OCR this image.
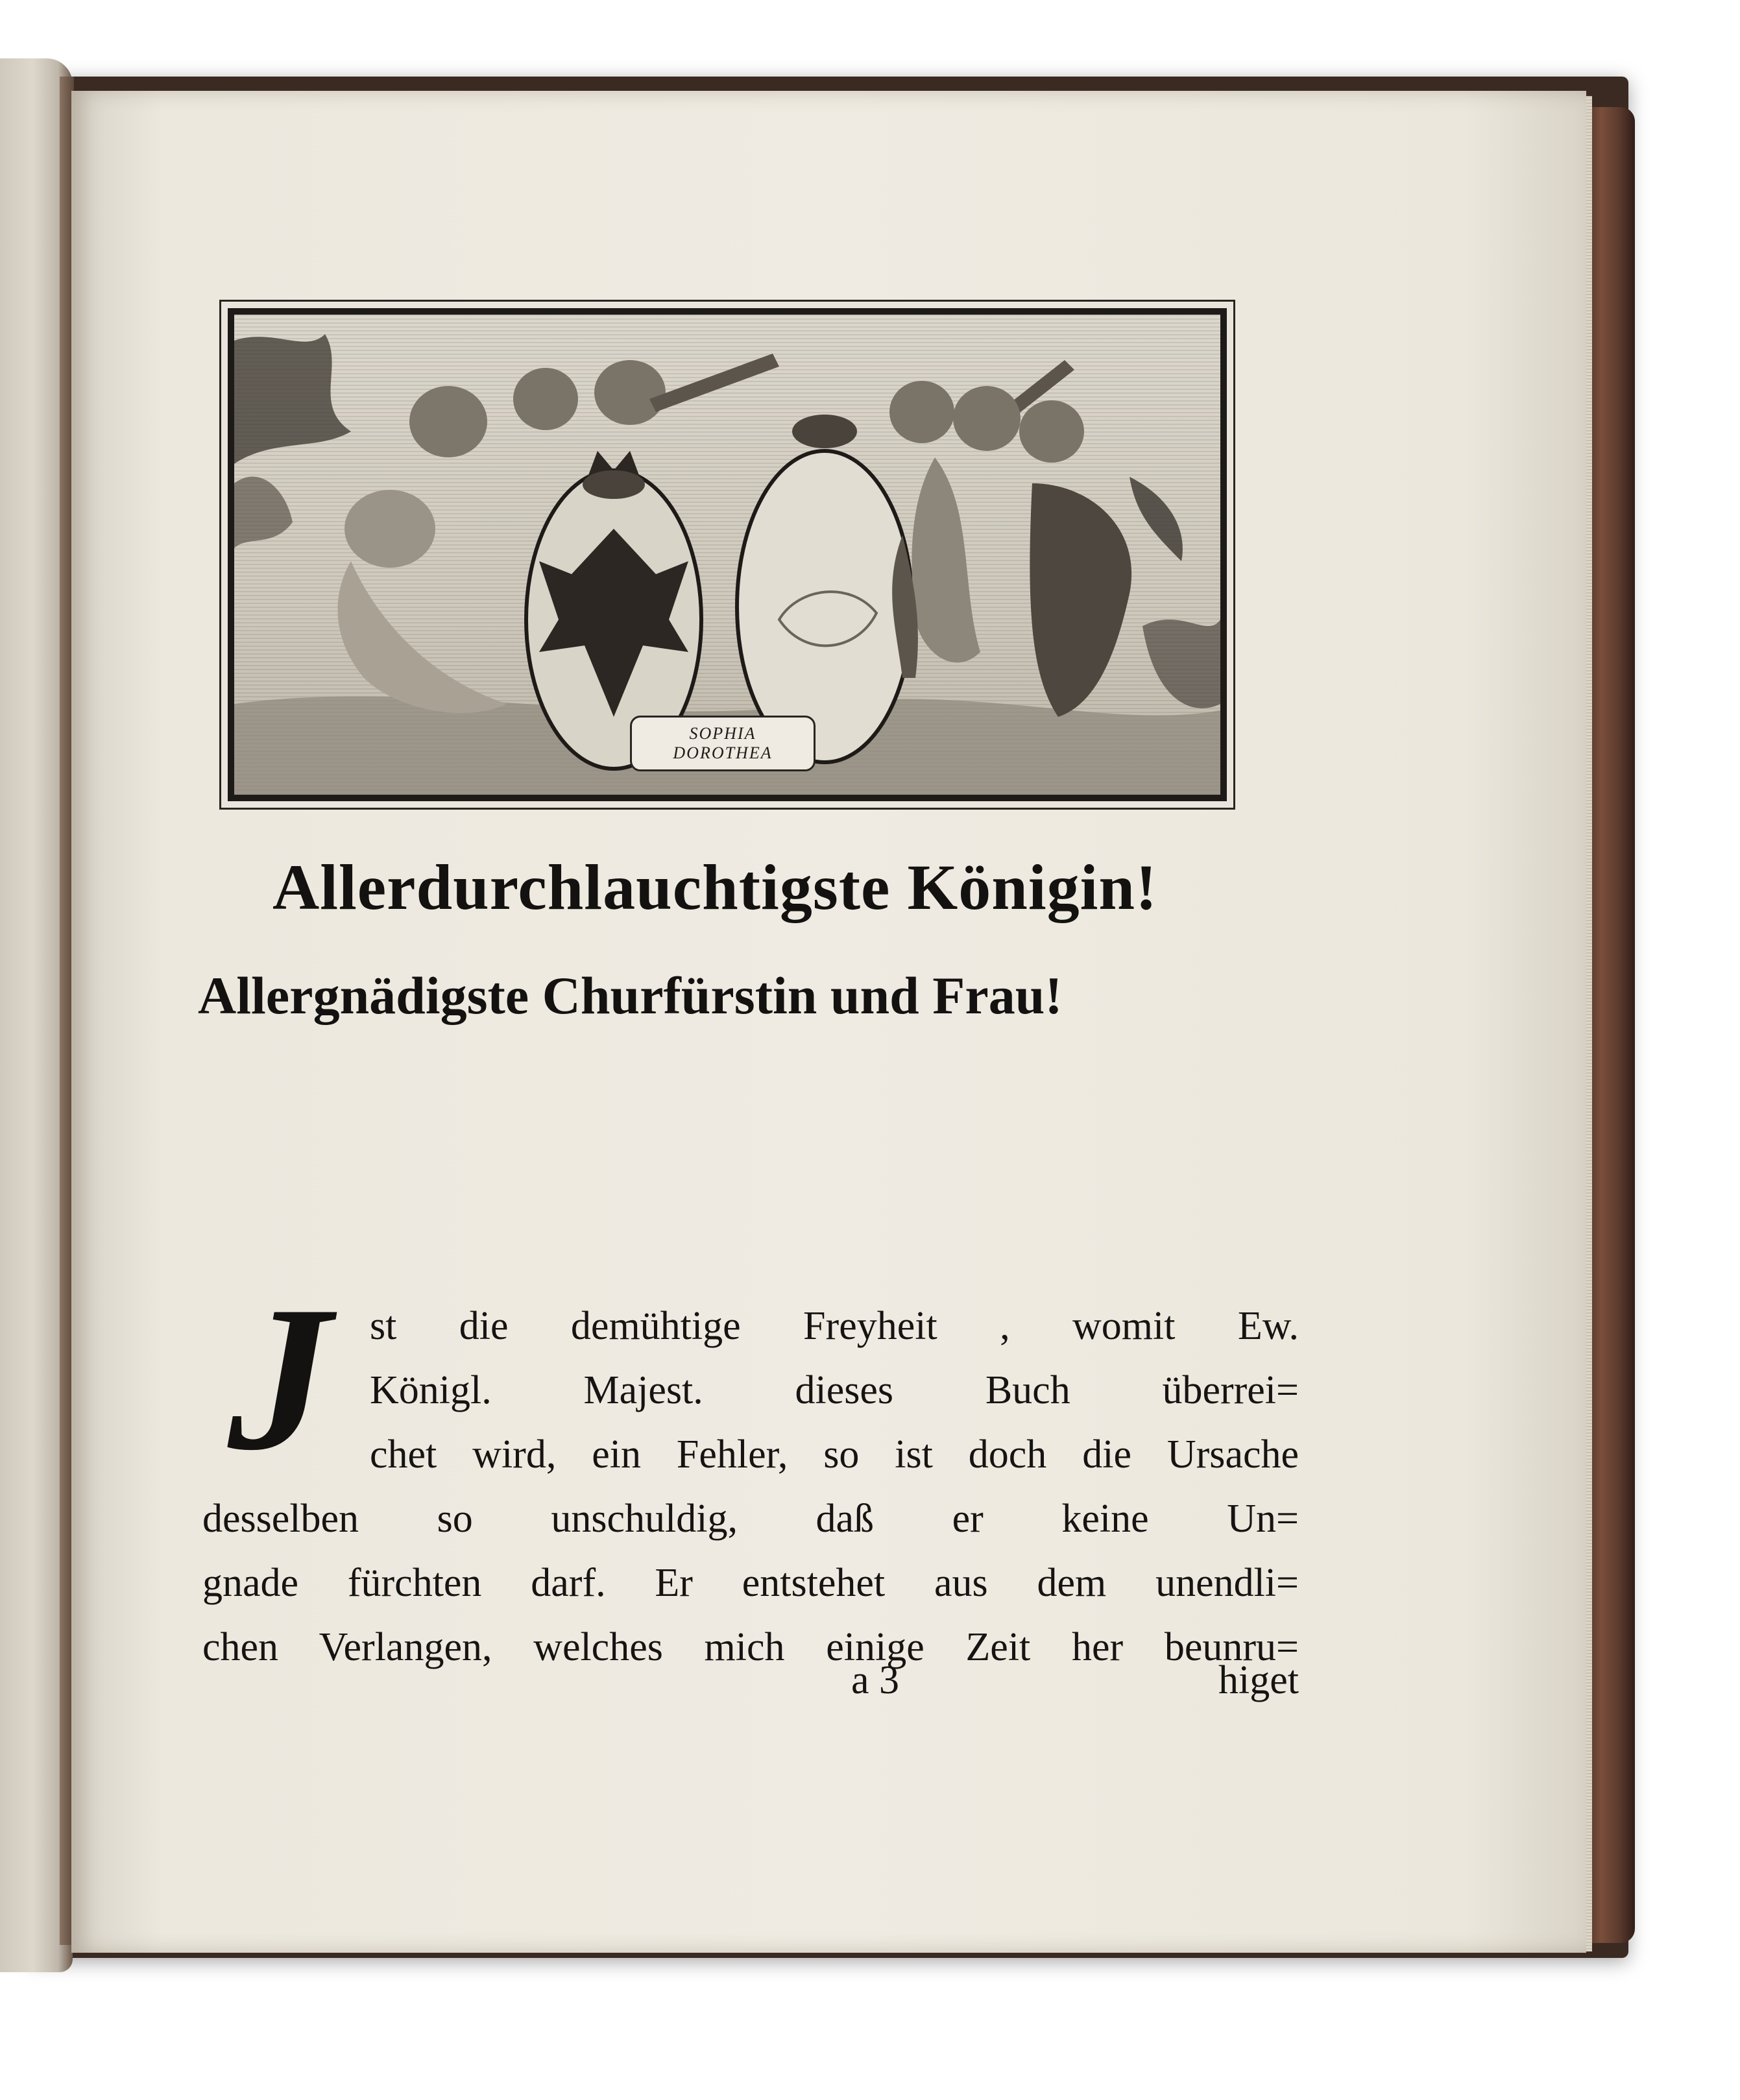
SOPHIA
DOROTHEA
Allerdurchlauchtigste Königin!
Allergnädigste Churfürstin und Frau!
J st die demühtige Freyheit , womit Ew.
Königl. Majest. dieses Buch überrei=
chet wird, ein Fehler, so ist doch die Ursache
desselben so unschuldig, daß er keine Un=
gnade fürchten darf. Er entstehet aus dem unendli=
chen Verlangen, welches mich einige Zeit her beunru=
a 3	higet
